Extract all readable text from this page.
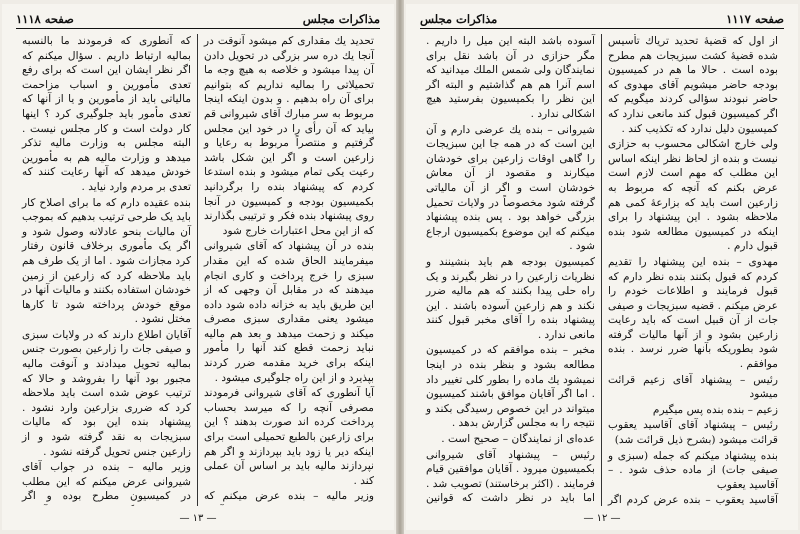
مذاکرات مجلس
صفحه ۱۱۱۸

تحدید یك مقداری کم میشود آنوقت در آنجا یك دره سر بزرگی در تحویل دادن آن پیدا میشود و خلاصه به هیچ وجه ما تحمیلاتی را بمالیه نداریم که بتوانیم برای آن راه بدهیم . و بدون اینکه اینجا مربوط به سر مبارك آقای شیروانی قم بیاید که آن رأی را در خود این مجلس گرفتیم و منتصراً مربوط به رعایا و زارعین است و اگر این شکل باشد رعیت یکی تمام میشود و بنده استدعا کردم که پیشنهاد بنده را برگردانید بکمیسیون بودجه و کمیسیون در آنجا روی پیشنهاد بنده فکر و ترتیبی بگذارند که از این محل اعتبارات خارج شود

بنده در آن پیشنهاد که آقای شیروانی میفرمایند الحاق شده که این مقدار سبزی را خرج پرداخت و کاری انجام میدهند که در مقابل آن وجهی که از این طریق باید به خزانه داده شود داده میشود یعنی مقداری سبزی مصرف میکند و زحمت میدهد و بعد هم مالیه نباید زحمت قطع کند آنها را مأمور اینکه برای خرید مقدمه ضرر کردند بپذیرد و از این راه جلوگیری میشود .

آیا آنطوری که آقای شیروانی فرمودند مصرفی آنچه را که میرسد بحساب پرداخت کرده اند صورت بدهند ؟ این برای زارعین بالطبع تحمیلی است برای اینکه دیر یا زود باید بپردازند و اگر هم نپردازند مالیه باید بر اساس آن عملی کند .

وزیر مالیه – بنده عرض میکنم که

که آنطوری که فرمودند ما بالنسبه بمالیه ارتباط داریم . سؤال میکنم که اگر نظر ایشان این است که برای رفع تعدی مأمورین و اسباب مزاحمت مالیاتی باید از مأمورین و یا از آنها که تعدی مأمور باید جلوگیری کرد ؟ اینها کار دولت است و کار مجلس نیست . البته مجلس به وزارت مالیه تذکر میدهد و وزارت مالیه هم به مأمورین خودش میدهد که آنها رعایت کنند که تعدی بر مردم وارد نیاید .

بنده عقیده دارم که ما برای اصلاح کار باید یک طرحی ترتیب بدهیم که بموجب آن مالیات بنحو عادلانه وصول شود و اگر یک مأموری برخلاف قانون رفتار کرد مجازات شود . اما از یک طرف هم باید ملاحظه کرد که زارعین از زمین خودشان استفاده بکنند و مالیات آنها در موقع خودش پرداخته شود تا کارها مختل نشود .

آقایان اطلاع دارند که در ولایات سبزی و صیفی جات را زارعین بصورت جنس بمالیه تحویل میدادند و آنوقت مالیه مجبور بود آنها را بفروشد و حالا که ترتیب عوض شده است باید ملاحظه کرد که ضرری بزارعین وارد نشود . پیشنهاد بنده این بود که مالیات سبزیجات به نقد گرفته شود و از زارعین جنس تحویل گرفته نشود .

وزیر مالیه – بنده در جواب آقای شیروانی عرض میکنم که این مطلب در کمیسیون مطرح بوده و اگر

— ۱۳ —
صفحه ۱۱۱۷
مذاکرات مجلس

از اول که قضیهٔ تحدید تریاك تأسیس شده قضیهٔ کشت سبزیجات هم مطرح بوده است . حالا ما هم در کمیسیون بودجه حاضر میشویم آقای مهدوی که حاضر نبودند سؤالی کردند میگویم که اگر کمیسیون قبول کند مانعی ندارد که کمیسیون دلیل ندارد که تکذیب کند .

ولی خارج اشکالی محسوب به حزازی نیست و بنده از لحاظ نظر اینکه اساس این مطلب که مهم است لازم است عرض بکنم که آنچه که مربوط به زارعین است باید که بزارعهٔ کمی هم ملاحظه بشود . این پیشنهاد را برای اینکه در کمیسیون مطالعه شود بنده قبول دارم .

مهدوی – بنده این پیشنهاد را تقدیم کردم که قبول بکنند بنده نظر دارم که قبول فرمایند و اطلاعات خودم را عرض میکنم . قضیه سبزیجات و صیفی جات از آن قبیل است که باید رعایت زارعین بشود و از آنها مالیات گرفته شود بطوریکه بآنها ضرر نرسد . بنده موافقم .

رئیس – پیشنهاد آقای زعیم قرائت میشود

زعیم – بنده بنده پس میگیرم

رئیس – پیشنهاد آقای آقاسید یعقوب قرائت میشود (بشرح ذیل قرائت شد)

بنده پیشنهاد میکنم که جمله (سبزی و صیفی جات) از ماده حذف شود . – آقاسید یعقوب

آقاسید یعقوب – بنده عرض کردم اگر

آسوده باشد البته این میل را داریم . مگر حزازی در آن باشد نقل برای نمایندگان ولی شمس الملك میدانید که اسم آنرا هم هم گذاشتیم و البته اگر این نظر را بکمیسیون بفرستید هیچ اشکالی ندارد .

شیروانی – بنده یك عرضی دارم و آن این است که در همه جا این سبزیجات را گاهی اوقات زارعین برای خودشان میکارند و مقصود از آن معاش خودشان است و اگر از آن مالیاتی گرفته شود مخصوصاً در ولایات تحمیل بزرگی خواهد بود . پس بنده پیشنهاد میکنم که این موضوع بکمیسیون ارجاع شود .

کمیسیون بودجه هم باید بنشینند و نظریات زارعین را در نظر بگیرند و یک راه حلی پیدا بکنند که هم مالیه ضرر نکند و هم زارعین آسوده باشند . این پیشنهاد بنده را آقای مخبر قبول کنند مانعی ندارد .

مخبر – بنده موافقم که در کمیسیون مطالعه بشود و بنظر بنده در اینجا نمیشود یك ماده را بطور کلی تغییر داد . اما اگر آقایان موافق باشند کمیسیون میتواند در این خصوص رسیدگی بکند و نتیجه را به مجلس گزارش بدهد .

عده‌ای از نمایندگان – صحیح است .

رئیس – پیشنهاد آقای شیروانی بکمیسیون میرود . آقایان موافقین قیام فرمایند . (اکثر برخاستند) تصویب شد . اما باید در نظر داشت که قوانین

— ۱۲ —
